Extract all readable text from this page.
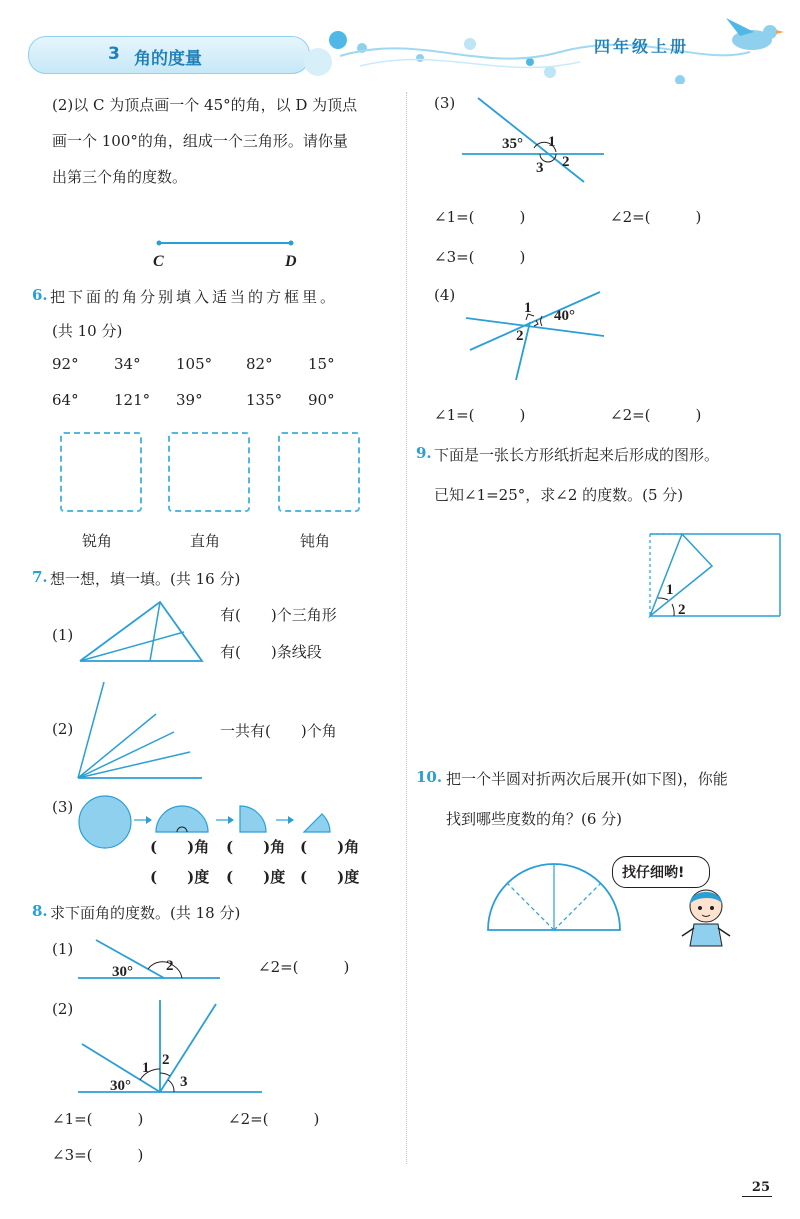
3 角的度量
四年级上册
(2)以 C 为顶点画一个 45°的角，以 D 为顶点
画一个 100°的角，组成一个三角形。请你量
出第三个角的度数。
C	D
6. 把下面的角分别填入适当的方框里。
(共 10 分)
92° 34° 105° 82° 15°
64° 121° 39°	135° 90°
锐角	直角	钝角
7. 想一想，填一填。(共 16 分)
(1)
有(　　)个三角形
有(　　)条线段
(2)	一共有(　　)个角
(3)
(　　)角 (　　)角 (　　)角
(　　)度 (　　)度 (　　)度
8. 求下面角的度数。(共 18 分)
(1)
30° 2	∠2=(　　　)
(2)
30°
1 2
3
∠1=(　　　)	∠2=(　　　)
∠3=(　　　)
(3)
35° 1
2
3
∠1=(　　　)	∠2=(　　　)
∠3=(　　　)
(4)
1 40°
2
∠1=(　　　)	∠2=(　　　)
9. 下面是一张长方形纸折起来后形成的图形。
已知∠1=25°，求∠2 的度数。(5 分)
1
2
10. 把一个半圆对折两次后展开(如下图)，你能
找到哪些度数的角？(6 分)
找仔细哟!
25
